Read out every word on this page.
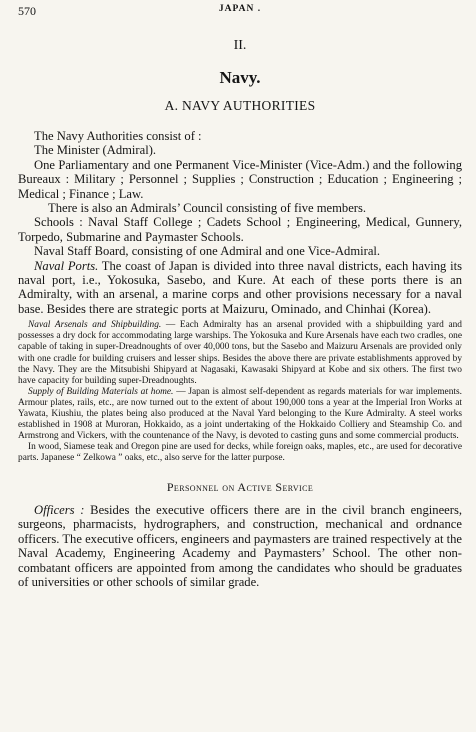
570	JAPAN .
II.
Navy.
A. NAVY AUTHORITIES

The Navy Authorities consist of :

The Minister (Admiral).

One Parliamentary and one Permanent Vice-Minister (Vice-Adm.) and the following Bureaux : Military ; Personnel ; Supplies ; Construction ; Education ; Engineering ; Medical ; Finance ; Law.

There is also an Admirals’ Council consisting of five members.

Schools : Naval Staff College ; Cadets School ; Engineering, Medical, Gunnery, Torpedo, Submarine and Paymaster Schools.

Naval Staff Board, consisting of one Admiral and one Vice-Admiral.

Naval Ports. The coast of Japan is divided into three naval districts, each having its naval port, i.e., Yokosuka, Sasebo, and Kure. At each of these ports there is an Admiralty, with an arsenal, a marine corps and other provisions necessary for a naval base. Besides there are strategic ports at Maizuru, Ominado, and Chinhai (Korea).

Naval Arsenals and Shipbuilding. — Each Admiralty has an arsenal provided with a shipbuilding yard and possesses a dry dock for accommodating large warships. The Yokosuka and Kure Arsenals have each two cradles, one capable of taking in super-Dreadnoughts of over 40,000 tons, but the Sasebo and Maizuru Arsenals are provided only with one cradle for building cruisers and lesser ships. Besides the above there are private establishments approved by the Navy. They are the Mitsubishi Shipyard at Nagasaki, Kawasaki Shipyard at Kobe and six others. The first two have capacity for building super-Dreadnoughts.

Supply of Building Materials at home. — Japan is almost self-dependent as regards materials for war implements. Armour plates, rails, etc., are now turned out to the extent of about 190,000 tons a year at the Imperial Iron Works at Yawata, Kiushiu, the plates being also produced at the Naval Yard belonging to the Kure Admiralty. A steel works established in 1908 at Muroran, Hokkaido, as a joint undertaking of the Hokkaido Colliery and Steamship Co. and Armstrong and Vickers, with the countenance of the Navy, is devoted to casting guns and some commercial products.

In wood, Siamese teak and Oregon pine are used for decks, while foreign oaks, maples, etc., are used for decorative parts. Japanese “ Zelkowa ” oaks, etc., also serve for the latter purpose.

Personnel on Active Service
Officers : Besides the executive officers there are in the civil branch engineers, surgeons, pharmacists, hydrographers, and construction, mechanical and ordnance officers. The executive officers, engineers and paymasters are trained respectively at the Naval Academy, Engineering Academy and Paymasters’ School. The other non-combatant officers are appointed from among the candidates who should be graduates of universities or other schools of similar grade.
